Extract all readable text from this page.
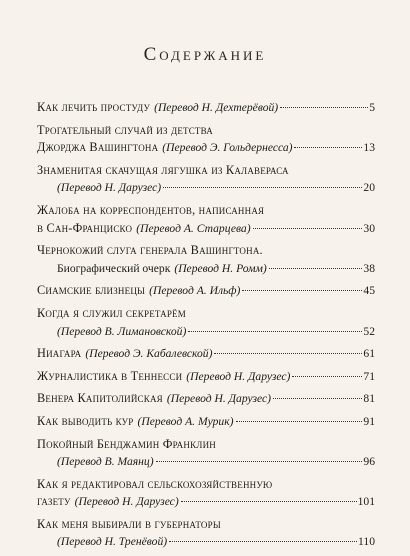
Содержание
Как лечить простуду (Перевод Н. Дехтерёвой)	5
Трогательный случай из детства
Джорджа Вашингтона (Перевод Э. Гольдернесса)	13
Знаменитая скачущая лягушка из Калавераса
(Перевод Н. Дарузес)	20
Жалоба на корреспондентов, написанная
в Сан-Франциско (Перевод А. Старцева)	30
Чернокожий слуга генерала Вашингтона.
Биографический очерк (Перевод Н. Ромм)	38
Сиамские близнецы (Перевод А. Ильф)	45
Когда я служил секретарём
(Перевод В. Лимановской)	52
Ниагара (Перевод Э. Кабалевской)	61
Журналистика в Теннесси (Перевод Н. Дарузес)	71
Венера Капитолийская (Перевод Н. Дарузес)	81
Как выводить кур (Перевод А. Мурик)	91
Покойный Бенджамин Франклин
(Перевод В. Маянц)	96
Как я редактировал сельскохозяйственную
газету (Перевод Н. Дарузес)	101
Как меня выбирали в губернаторы
(Перевод Н. Тренёвой)	110
